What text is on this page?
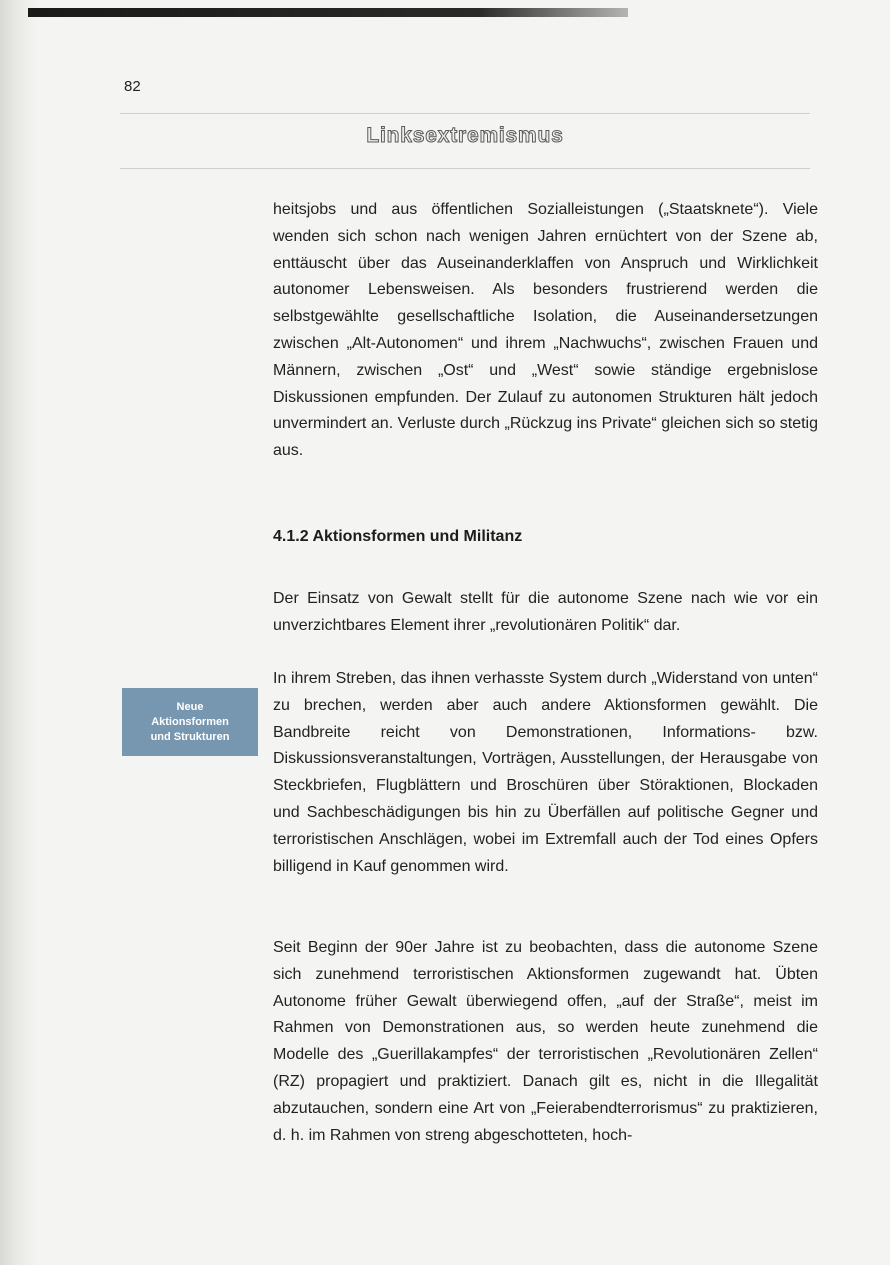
82
Linksextremismus

heitsjobs und aus öffentlichen Sozialleistungen („Staatsknete“). Viele wenden sich schon nach wenigen Jahren ernüchtert von der Szene ab, enttäuscht über das Auseinanderklaffen von Anspruch und Wirklichkeit autonomer Lebensweisen. Als besonders frustrierend werden die selbstgewählte gesellschaftliche Isolation, die Auseinandersetzungen zwischen „Alt-Autonomen“ und ihrem „Nachwuchs“, zwischen Frauen und Männern, zwischen „Ost“ und „West“ sowie ständige ergebnislose Diskussionen empfunden. Der Zulauf zu autonomen Strukturen hält jedoch unvermindert an. Verluste durch „Rückzug ins Private“ gleichen sich so stetig aus.

4.1.2 Aktionsformen und Militanz

Der Einsatz von Gewalt stellt für die autonome Szene nach wie vor ein unverzichtbares Element ihrer „revolutionären Politik“ dar.

In ihrem Streben, das ihnen verhasste System durch „Widerstand von unten“ zu brechen, werden aber auch andere Aktionsformen gewählt. Die Bandbreite reicht von Demonstrationen, Informations- bzw. Diskussionsveranstaltungen, Vorträgen, Ausstellungen, der Herausgabe von Steckbriefen, Flugblättern und Broschüren über Störaktionen, Blockaden und Sachbeschädigungen bis hin zu Überfällen auf politische Gegner und terroristischen Anschlägen, wobei im Extremfall auch der Tod eines Opfers billigend in Kauf genommen wird.

Seit Beginn der 90er Jahre ist zu beobachten, dass die autonome Szene sich zunehmend terroristischen Aktionsformen zugewandt hat. Übten Autonome früher Gewalt überwiegend offen, „auf der Straße“, meist im Rahmen von Demonstrationen aus, so werden heute zunehmend die Modelle des „Guerillakampfes“ der terroristischen „Revolutionären Zellen“ (RZ) propagiert und praktiziert. Danach gilt es, nicht in die Illegalität abzutauchen, sondern eine Art von „Feierabendterrorismus“ zu praktizieren, d. h. im Rahmen von streng abgeschotteten, hoch-

Neue
Aktionsformen
und Strukturen
